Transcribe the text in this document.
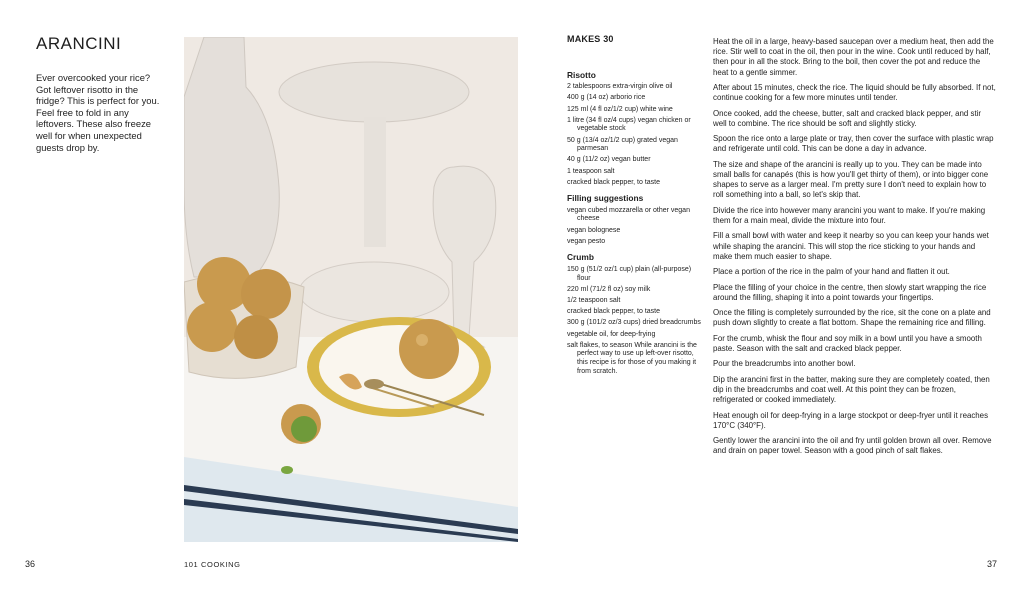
ARANCINI

Ever overcooked your rice? Got leftover risotto in the fridge? This is perfect for you. Feel free to fold in any leftovers. These also freeze well for when unexpected guests drop by.

36	101 COOKING	37

MAKES 30

Risotto

2 tablespoons extra-virgin olive oil
400 g (14 oz) arborio rice
125 ml (4 fl oz/1/2 cup) white wine
1 litre (34 fl oz/4 cups) vegan chicken or vegetable stock
50 g (13/4 oz/1/2 cup) grated vegan parmesan
40 g (11/2 oz) vegan butter
1 teaspoon salt
cracked black pepper, to taste

Filling suggestions

vegan cubed mozzarella or other vegan cheese
vegan bolognese
vegan pesto

Crumb

150 g (51/2 oz/1 cup) plain (all-purpose) flour
220 ml (71/2 fl oz) soy milk
1/2 teaspoon salt
cracked black pepper, to taste
300 g (101/2 oz/3 cups) dried breadcrumbs
vegetable oil, for deep-frying
salt flakes, to season While arancini is the perfect way to use up left-over risotto, this recipe is for those of you making it from scratch.

Heat the oil in a large, heavy-based saucepan over a medium heat, then add the rice. Stir well to coat in the oil, then pour in the wine. Cook until reduced by half, then pour in all the stock. Bring to the boil, then cover the pot and reduce the heat to a gentle simmer.

After about 15 minutes, check the rice. The liquid should be fully absorbed. If not, continue cooking for a few more minutes until tender.

Once cooked, add the cheese, butter, salt and cracked black pepper, and stir well to combine. The rice should be soft and slightly sticky.

Spoon the rice onto a large plate or tray, then cover the surface with plastic wrap and refrigerate until cold. This can be done a day in advance.

The size and shape of the arancini is really up to you. They can be made into small balls for canapés (this is how you'll get thirty of them), or into bigger cone shapes to serve as a larger meal. I'm pretty sure I don't need to explain how to roll something into a ball, so let's skip that.

Divide the rice into however many arancini you want to make. If you're making them for a main meal, divide the mixture into four.

Fill a small bowl with water and keep it nearby so you can keep your hands wet while shaping the arancini. This will stop the rice sticking to your hands and make them much easier to shape.

Place a portion of the rice in the palm of your hand and flatten it out.

Place the filling of your choice in the centre, then slowly start wrapping the rice around the filling, shaping it into a point towards your fingertips.

Once the filling is completely surrounded by the rice, sit the cone on a plate and push down slightly to create a flat bottom. Shape the remaining rice and filling.

For the crumb, whisk the flour and soy milk in a bowl until you have a smooth paste. Season with the salt and cracked black pepper.

Pour the breadcrumbs into another bowl.

Dip the arancini first in the batter, making sure they are completely coated, then dip in the breadcrumbs and coat well. At this point they can be frozen, refrigerated or cooked immediately.

Heat enough oil for deep-frying in a large stockpot or deep-fryer until it reaches 170°C (340°F).

Gently lower the arancini into the oil and fry until golden brown all over. Remove and drain on paper towel. Season with a good pinch of salt flakes.
